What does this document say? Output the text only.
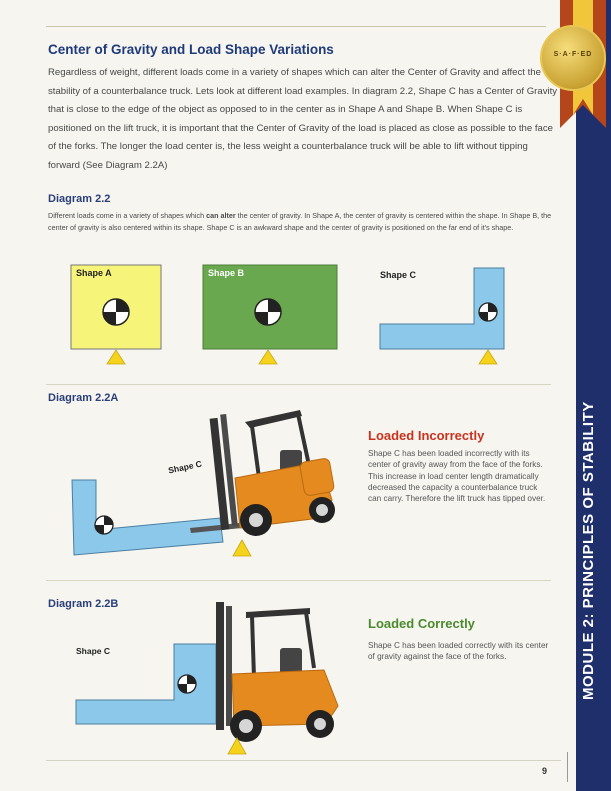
MODULE 2: PRINCIPLES OF STABILITY
S·A·F·ED
Center of Gravity and Load Shape Variations

Regardless of weight, different loads come in a variety of shapes which can alter the Center of Gravity and affect the stability of a counterbalance truck. Lets look at different load examples. In diagram 2.2, Shape C has a Center of Gravity that is close to the edge of the object as opposed to in the center as in Shape A and Shape B. When Shape C is positioned on the lift truck, it is important that the Center of Gravity of the load is placed as close as possible to the face of the forks. The longer the load center is, the less weight a counterbalance truck will be able to lift without tipping forward (See Diagram 2.2A)

Diagram 2.2

Different loads come in a variety of shapes which can alter the center of gravity. In Shape A, the center of gravity is centered within the shape. In Shape B, the center of gravity is also centered within its shape. Shape C is an awkward shape and the center of gravity is positioned on the far end of it's shape.

Shape A	Shape B	Shape C
Diagram 2.2A
Shape C
Loaded Incorrectly

Shape C has been loaded incorrectly with its center of gravity away from the face of the forks. This increase in load center length dramatically decreased the capacity a counterbalance truck can carry. Therefore the lift truck has tipped over.

Diagram 2.2B
Shape C
Loaded Correctly

Shape C has been loaded correctly with its center of gravity against the face of the forks.

9
